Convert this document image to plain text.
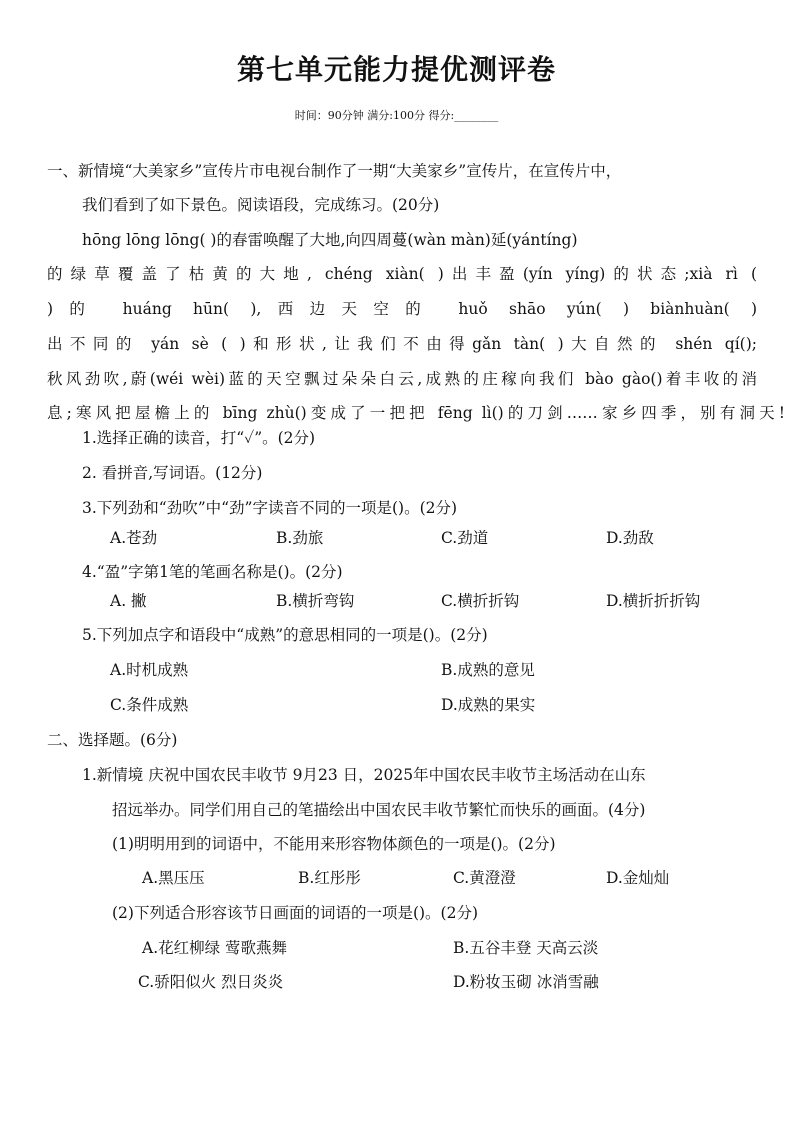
第七单元能力提优测评卷
时间：90分钟 满分:100分 得分:________
一、新情境“大美家乡”宣传片市电视台制作了一期“大美家乡”宣传片，在宣传片中，
我们看到了如下景色。阅读语段，完成练习。(20分)
hōng lōng lōng( )的春雷唤醒了大地,向四周蔓(wàn màn)延(yántíng)
的绿草覆盖了枯黄的大地, chéng xiàn( )出丰盈(yín yíng)的状态;xià rì (
)的 huáng hūn( ),西边天空的 huǒ shāo yún( ) biànhuàn( )
出不同的 yán sè ( )和形状,让我们不由得gǎn tàn( )大自然的 shén qí();
秋风劲吹,蔚(wéi wèi)蓝的天空飘过朵朵白云,成熟的庄稼向我们 bào gào()着丰收的消
息;寒风把屋檐上的 bīng zhù()变成了一把把 fēng lì()的刀剑……家乡四季，别有洞天!
1.选择正确的读音，打“✓”。(2分)
2. 看拼音,写词语。(12分)
3.下列劲和“劲吹”中“劲”字读音不同的一项是()。(2分)
A.苍劲	B.劲旅	C.劲道	D.劲敌
4.“盈”字第1笔的笔画名称是()。(2分)
A. 撇	B.横折弯钩	C.横折折钩	D.横折折折钩
5.下列加点字和语段中“成熟”的意思相同的一项是()。(2分)
A.时机成熟	B.成熟的意见
C.条件成熟	D.成熟的果实
二、选择题。(6分)
1.新情境 庆祝中国农民丰收节 9月23 日，2025年中国农民丰收节主场活动在山东
招远举办。同学们用自己的笔描绘出中国农民丰收节繁忙而快乐的画面。(4分)
(1)明明用到的词语中，不能用来形容物体颜色的一项是()。(2分)
A.黑压压	B.红彤彤	C.黄澄澄	D.金灿灿
(2)下列适合形容该节日画面的词语的一项是()。(2分)
A.花红柳绿 莺歌燕舞	B.五谷丰登 天高云淡
C.骄阳似火 烈日炎炎	D.粉妆玉砌 冰消雪融
